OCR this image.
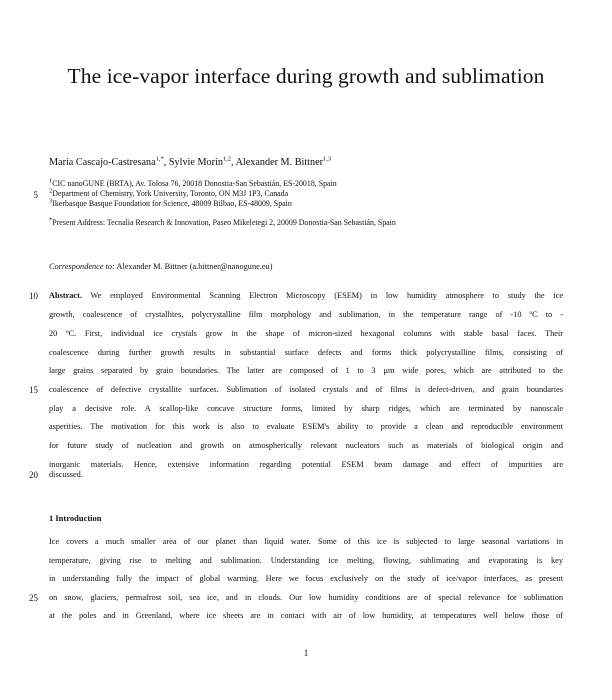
The ice-vapor interface during growth and sublimation
Maria Cascajo-Castresana$^{1,*}$, Sylvie Morin$^{1,2}$, Alexander M. Bittner$^{1,3}$
$^1$CIC nanoGUNE (BRTA), Av. Tolosa 76, 20018 Donostia-San Sebastián, ES-20018, Spain
$^2$Department of Chemistry, York University, Toronto, ON M3J 1P3, Canada
$^3$Ikerbasque Basque Foundation for Science, 48009 Bilbao, ES-48009, Spain
*Present Address: Tecnalia Research & Innovation, Paseo Mikeletegi 2, 20009 Donostia-San Sebastián, Spain
5
Correspondence to: Alexander M. Bittner (a.bittner@nanogune.eu)
10 Abstract. We employed Environmental Scanning Electron Microscopy (ESEM) in low humidity atmosphere to study the ice
growth, coalescence of crystallites, polycrystalline film morphology and sublimation, in the temperature range of -10 ºC to -
20 ºC. First, individual ice crystals grow in the shape of micron-sized hexagonal columns with stable basal faces. Their
coalescence during further growth results in substantial surface defects and forms thick polycrystalline films, consisting of
large grains separated by grain boundaries. The latter are composed of 1 to 3 µm wide pores, which are attributed to the
15 coalescence of defective crystallite surfaces. Sublimation of isolated crystals and of films is defect-driven, and grain boundaries
play a decisive role. A scallop-like concave structure forms, limited by sharp ridges, which are terminated by nanoscale
asperities. The motivation for this work is also to evaluate ESEM's ability to provide a clean and reproducible environment
for future study of nucleation and growth on atmospherically relevant nucleators such as materials of biological origin and
inorganic materials. Hence, extensive information regarding potential ESEM beam damage and effect of impurities are
20 discussed.
1 Introduction
Ice covers a much smaller area of our planet than liquid water. Some of this ice is subjected to large seasonal variations in
temperature, giving rise to melting and sublimation. Understanding ice melting, flowing, sublimating and evaporating is key
in understanding fully the impact of global warming. Here we focus exclusively on the study of ice/vapor interfaces, as present
25 on snow, glaciers, permafrost soil, sea ice, and in clouds. Our low humidity conditions are of special relevance for sublimation
at the poles and in Greenland, where ice sheets are in contact with air of low humidity, at temperatures well below those of
1
